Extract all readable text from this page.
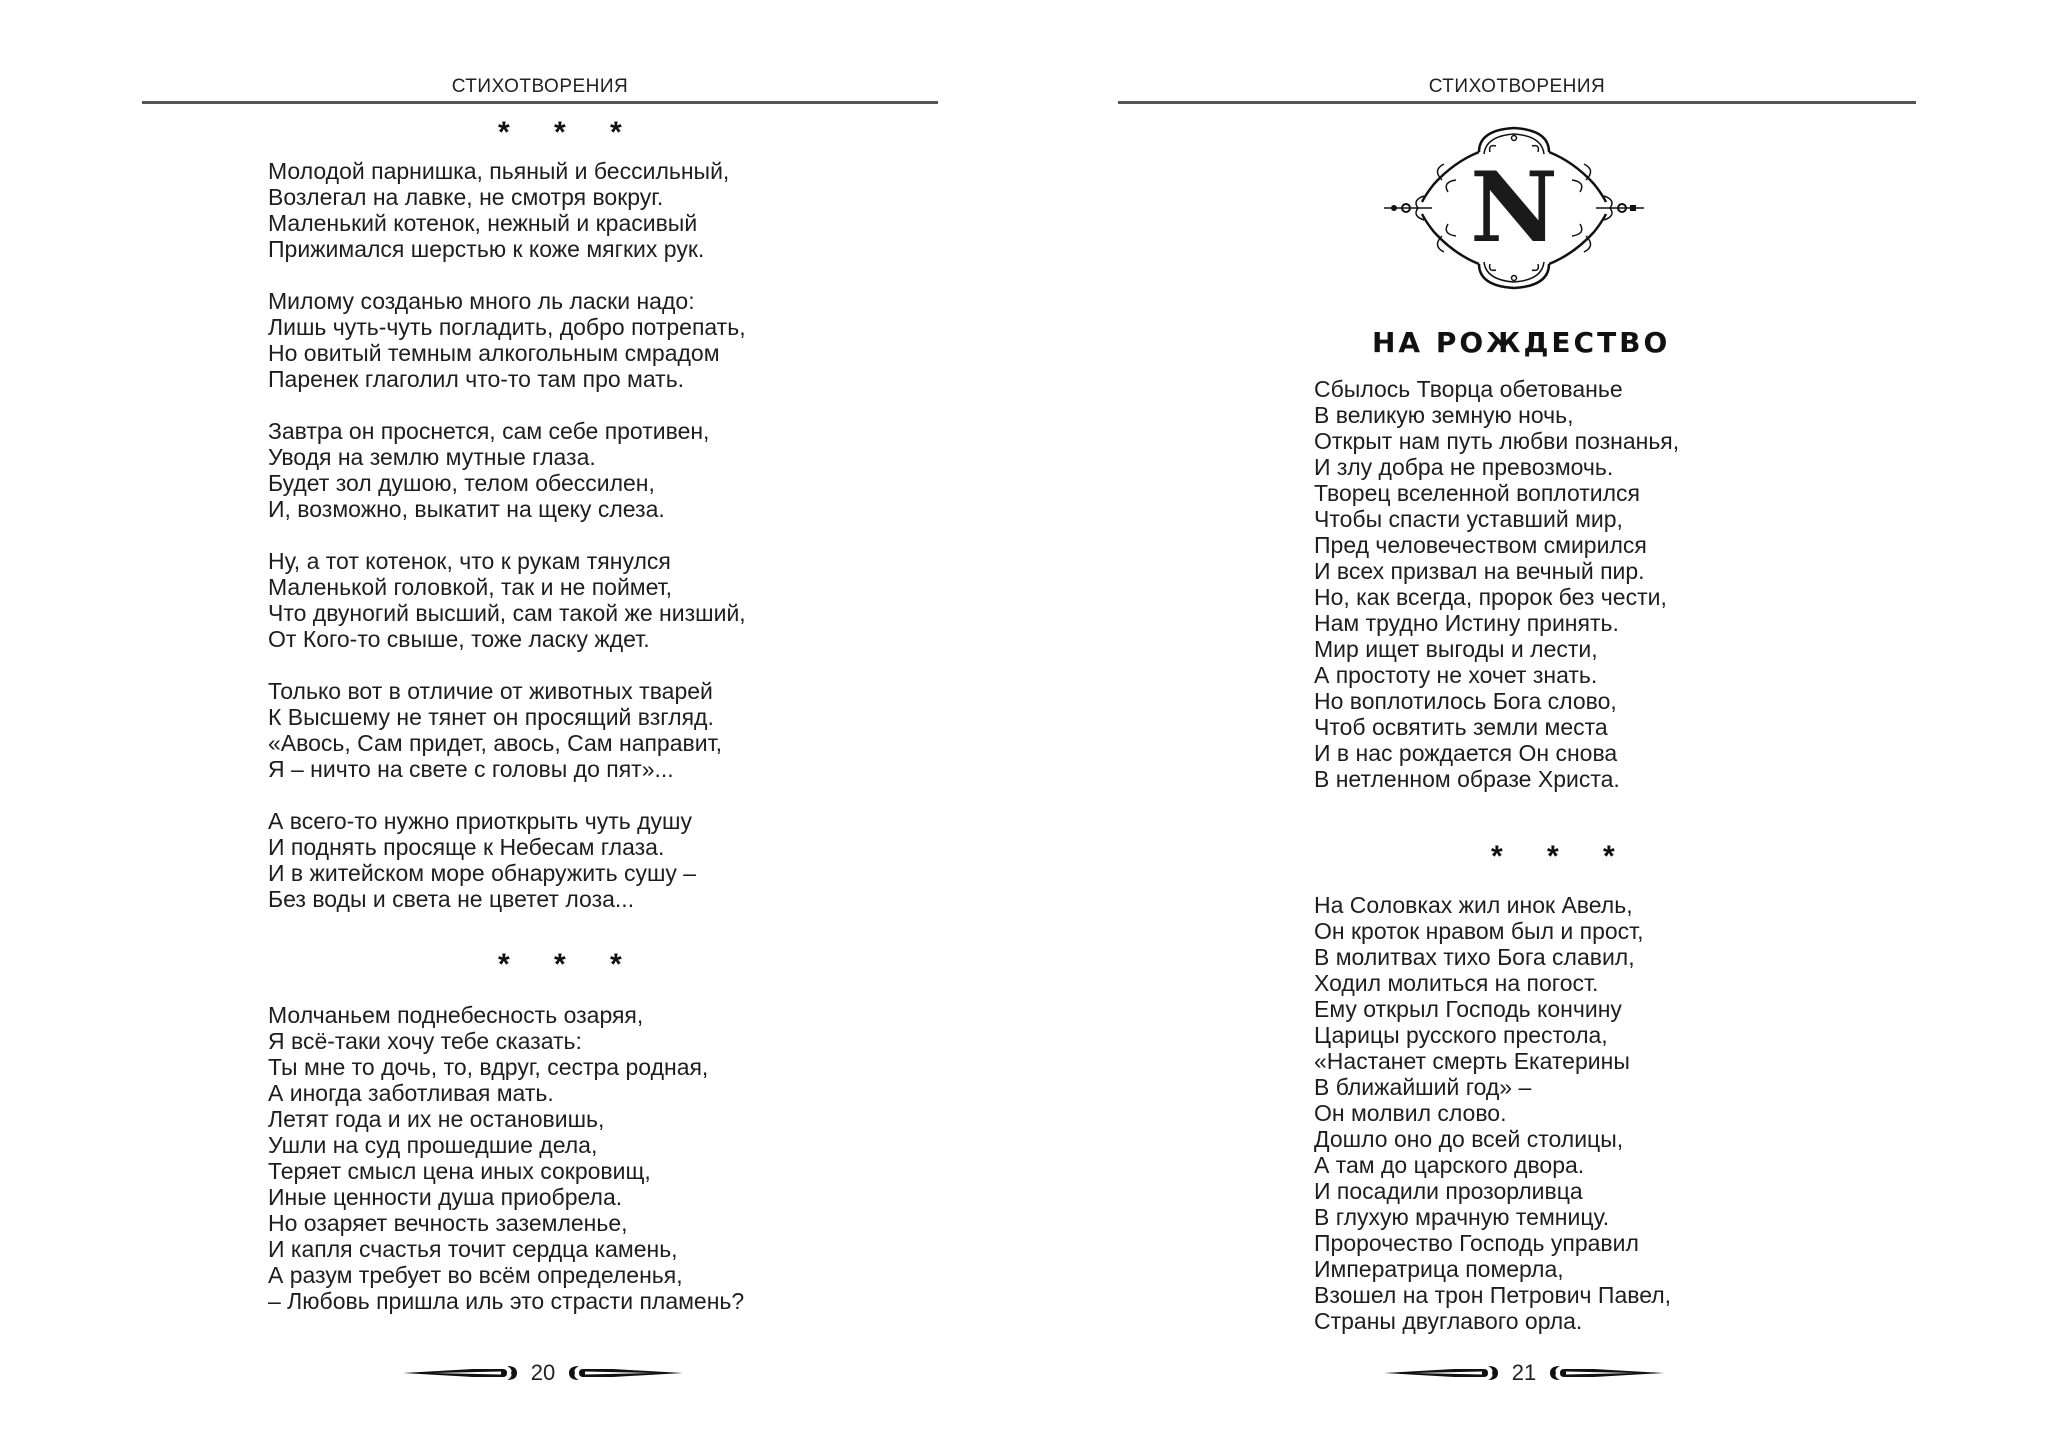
СТИХОТВОРЕНИЯ
* * *
Молодой парнишка, пьяный и бессильный,
Возлегал на лавке, не смотря вокруг.
Маленький котенок, нежный и красивый
Прижимался шерстью к коже мягких рук.
Милому созданью много ль ласки надо:
Лишь чуть-чуть погладить, добро потрепать,
Но овитый темным алкогольным смрадом
Паренек глаголил что-то там про мать.
Завтра он проснется, сам себе противен,
Уводя на землю мутные глаза.
Будет зол душою, телом обессилен,
И, возможно, выкатит на щеку слеза.
Ну, а тот котенок, что к рукам тянулся
Маленькой головкой, так и не поймет,
Что двуногий высший, сам такой же низший,
От Кого-то свыше, тоже ласку ждет.
Только вот в отличие от животных тварей
К Высшему не тянет он просящий взгляд.
«Авось, Сам придет, авось, Сам направит,
Я – ничто на свете с головы до пят»...
А всего-то нужно приоткрыть чуть душу
И поднять просяще к Небесам глаза.
И в житейском море обнаружить сушу –
Без воды и света не цветет лоза...
* * *
Молчаньем поднебесность озаряя,
Я всё-таки хочу тебе сказать:
Ты мне то дочь, то, вдруг, сестра родная,
А иногда заботливая мать.
Летят года и их не остановишь,
Ушли на суд прошедшие дела,
Теряет смысл цена иных сокровищ,
Иные ценности душа приобрела.
Но озаряет вечность заземленье,
И капля счастья точит сердца камень,
А разум требует во всём определенья,
– Любовь пришла иль это страсти пламень?
20
СТИХОТВОРЕНИЯ
N
НА РОЖДЕСТВО
Сбылось Творца обетованье
В великую земную ночь,
Открыт нам путь любви познанья,
И злу добра не превозмочь.
Творец вселенной воплотился
Чтобы спасти уставший мир,
Пред человечеством смирился
И всех призвал на вечный пир.
Но, как всегда, пророк без чести,
Нам трудно Истину принять.
Мир ищет выгоды и лести,
А простоту не хочет знать.
Но воплотилось Бога слово,
Чтоб освятить земли места
И в нас рождается Он снова
В нетленном образе Христа.
* * *
На Соловках жил инок Авель,
Он кроток нравом был и прост,
В молитвах тихо Бога славил,
Ходил молиться на погост.
Ему открыл Господь кончину
Царицы русского престола,
«Настанет смерть Екатерины
В ближайший год» –
Он молвил слово.
Дошло оно до всей столицы,
А там до царского двора.
И посадили прозорливца
В глухую мрачную темницу.
Пророчество Господь управил
Императрица померла,
Взошел на трон Петрович Павел,
Страны двуглавого орла.
21
